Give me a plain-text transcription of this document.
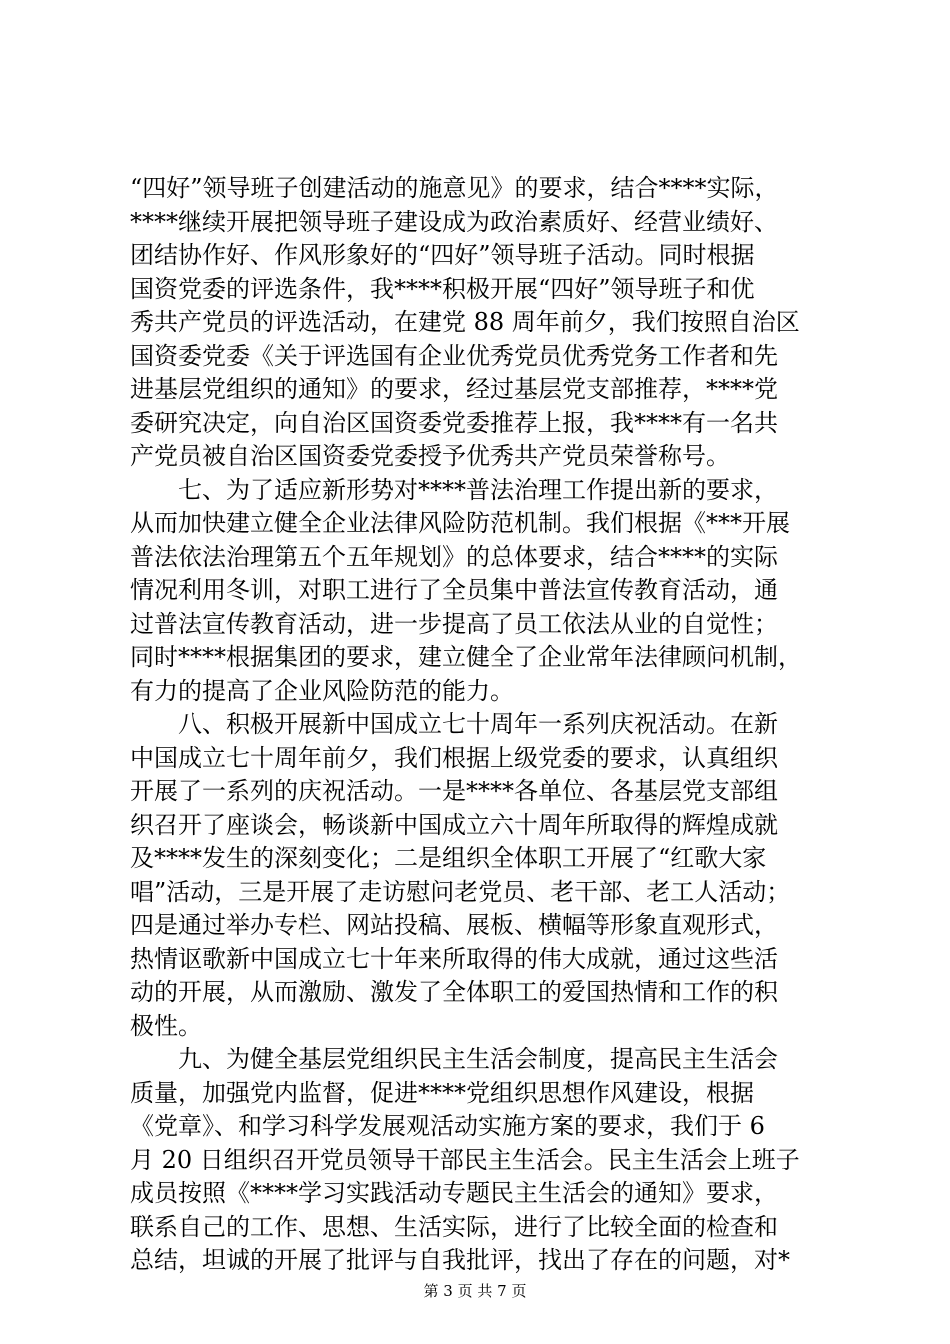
“四好”领导班子创建活动的施意见》的要求，结合****实际，
****继续开展把领导班子建设成为政治素质好、经营业绩好、
团结协作好、作风形象好的“四好”领导班子活动。同时根据
国资党委的评选条件，我****积极开展“四好”领导班子和优
秀共产党员的评选活动，在建党 88 周年前夕，我们按照自治区
国资委党委《关于评选国有企业优秀党员优秀党务工作者和先
进基层党组织的通知》的要求，经过基层党支部推荐，****党
委研究决定，向自治区国资委党委推荐上报，我****有一名共
产党员被自治区国资委党委授予优秀共产党员荣誉称号。
　　七、为了适应新形势对****普法治理工作提出新的要求，
从而加快建立健全企业法律风险防范机制。我们根据《***开展
普法依法治理第五个五年规划》的总体要求，结合****的实际
情况利用冬训，对职工进行了全员集中普法宣传教育活动，通
过普法宣传教育活动，进一步提高了员工依法从业的自觉性；
同时****根据集团的要求，建立健全了企业常年法律顾问机制，
有力的提高了企业风险防范的能力。
　　八、积极开展新中国成立七十周年一系列庆祝活动。在新
中国成立七十周年前夕，我们根据上级党委的要求，认真组织
开展了一系列的庆祝活动。一是****各单位、各基层党支部组
织召开了座谈会，畅谈新中国成立六十周年所取得的辉煌成就
及****发生的深刻变化；二是组织全体职工开展了“红歌大家
唱”活动，三是开展了走访慰问老党员、老干部、老工人活动；
四是通过举办专栏、网站投稿、展板、横幅等形象直观形式，
热情讴歌新中国成立七十年来所取得的伟大成就，通过这些活
动的开展，从而激励、激发了全体职工的爱国热情和工作的积
极性。
　　九、为健全基层党组织民主生活会制度，提高民主生活会
质量，加强党内监督，促进****党组织思想作风建设，根据
《党章》、和学习科学发展观活动实施方案的要求，我们于 6
月 20 日组织召开党员领导干部民主生活会。民主生活会上班子
成员按照《****学习实践活动专题民主生活会的通知》要求，
联系自己的工作、思想、生活实际，进行了比较全面的检查和
总结，坦诚的开展了批评与自我批评，找出了存在的问题，对*
第 3 页 共 7 页
